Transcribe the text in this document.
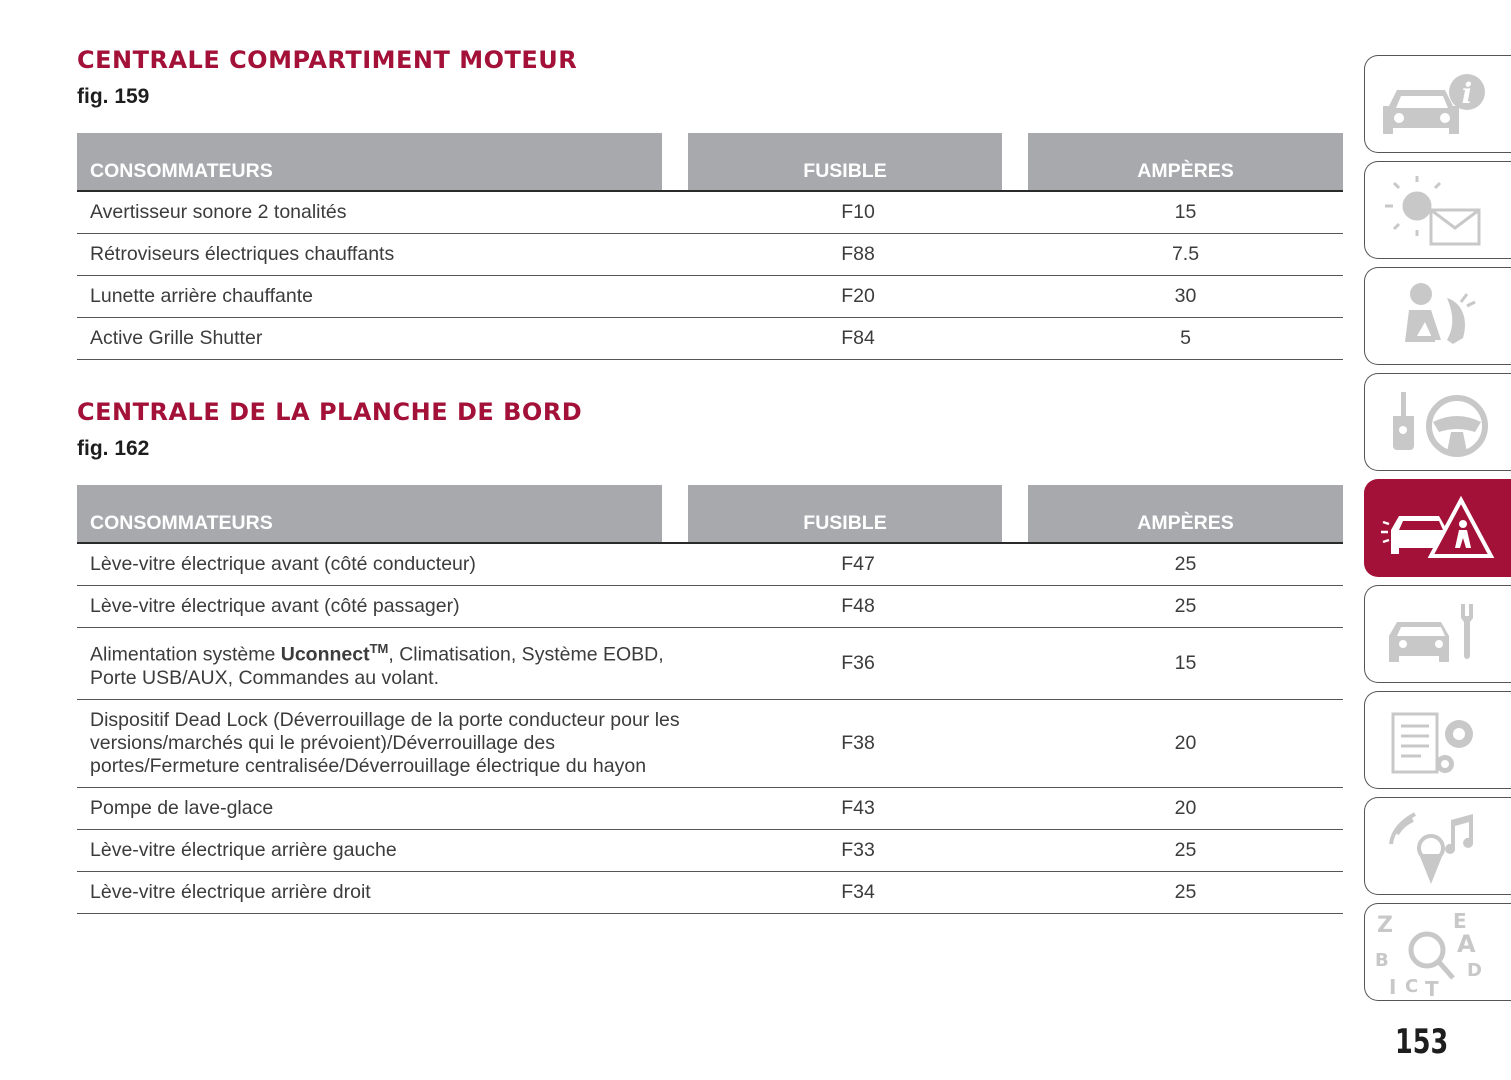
CENTRALE COMPARTIMENT MOTEUR

fig. 159

CONSOMMATEURS		FUSIBLE		AMPÈRES
Avertisseur sonore 2 tonalités		F10		15
Rétroviseurs électriques chauffants		F88		7.5
Lunette arrière chauffante		F20		30
Active Grille Shutter		F84		5
CENTRALE DE LA PLANCHE DE BORD

fig. 162

CONSOMMATEURS		FUSIBLE		AMPÈRES
Lève-vitre électrique avant (côté conducteur)		F47		25
Lève-vitre électrique avant (côté passager)		F48		25
Alimentation système Uconnect™, Climatisation, Système EOBD, Porte USB/AUX, Commandes au volant.		F36		15
Dispositif Dead Lock (Déverrouillage de la porte conducteur pour les versions/marchés qui le prévoient)/Déverrouillage des portes/Fermeture centralisée/Déverrouillage électrique du hayon		F38		20
Pompe de lave-glace		F43		20
Lève-vitre électrique arrière gauche		F33		25
Lève-vitre électrique arrière droit		F34		25
i
Z	E
A
B	D
I C T

153
